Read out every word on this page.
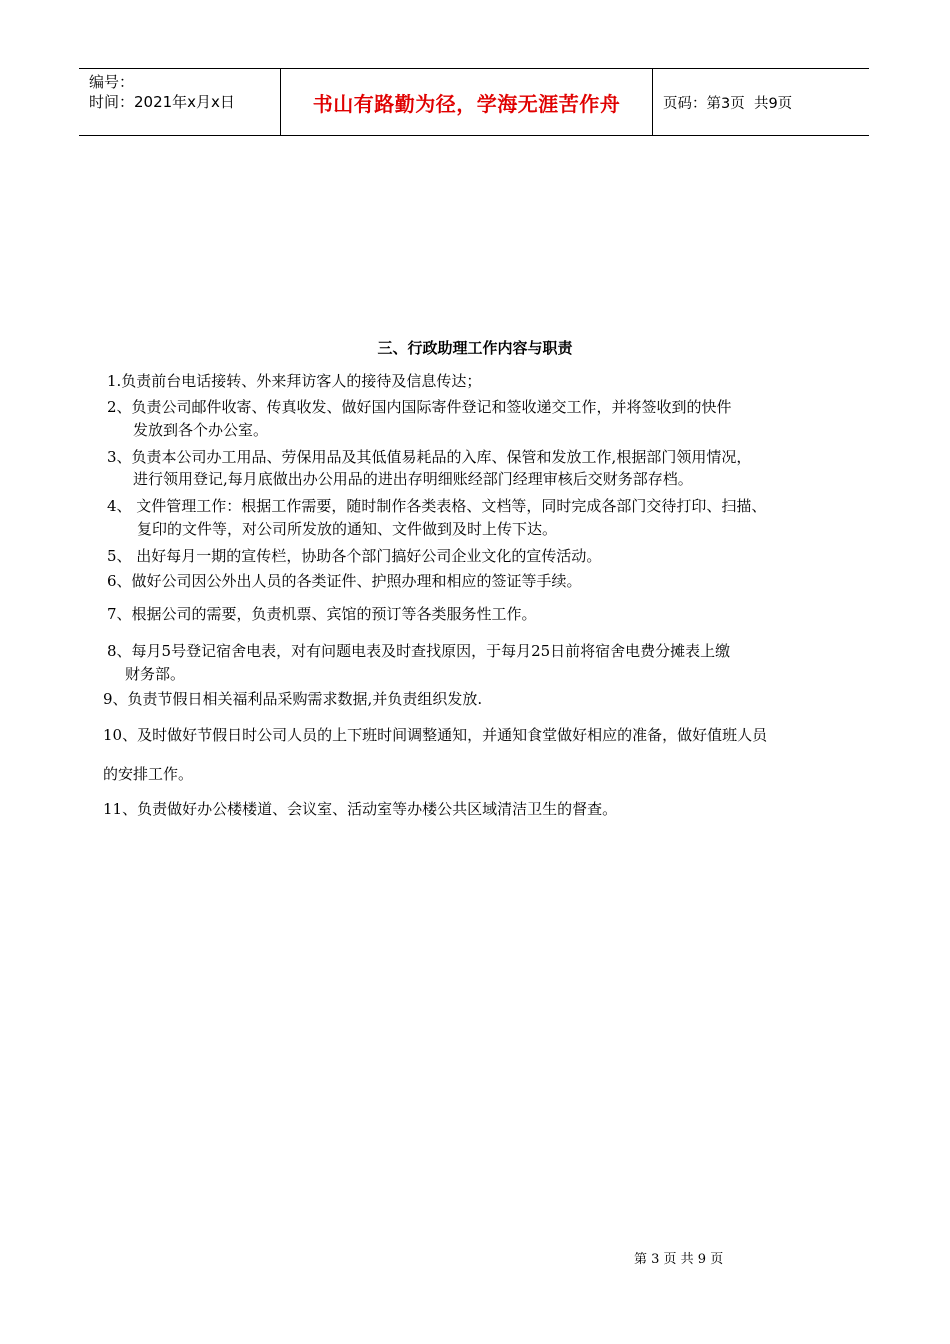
编号：
时间：2021年x月x日	书山有路勤为径，学海无涯苦作舟	页码：第3页  共9页
三、行政助理工作内容与职责
1.负责前台电话接转、外来拜访客人的接待及信息传达；
2、负责公司邮件收寄、传真收发、做好国内国际寄件登记和签收递交工作，并将签收到的快件
发放到各个办公室。
3、负责本公司办工用品、劳保用品及其低值易耗品的入库、保管和发放工作,根据部门领用情况，
进行领用登记,每月底做出办公用品的进出存明细账经部门经理审核后交财务部存档。
4、 文件管理工作：根据工作需要，随时制作各类表格、文档等，同时完成各部门交待打印、扫描、
复印的文件等，对公司所发放的通知、文件做到及时上传下达。
5、 出好每月一期的宣传栏，协助各个部门搞好公司企业文化的宣传活动。
6、做好公司因公外出人员的各类证件、护照办理和相应的签证等手续。
7、根据公司的需要，负责机票、宾馆的预订等各类服务性工作。
8、每月5号登记宿舍电表，对有问题电表及时查找原因，于每月25日前将宿舍电费分摊表上缴
财务部。
9、负责节假日相关福利品采购需求数据,并负责组织发放.
10、及时做好节假日时公司人员的上下班时间调整通知，并通知食堂做好相应的准备，做好值班人员
的安排工作。
11、负责做好办公楼楼道、会议室、活动室等办楼公共区域清洁卫生的督查。
第 3 页 共 9 页
